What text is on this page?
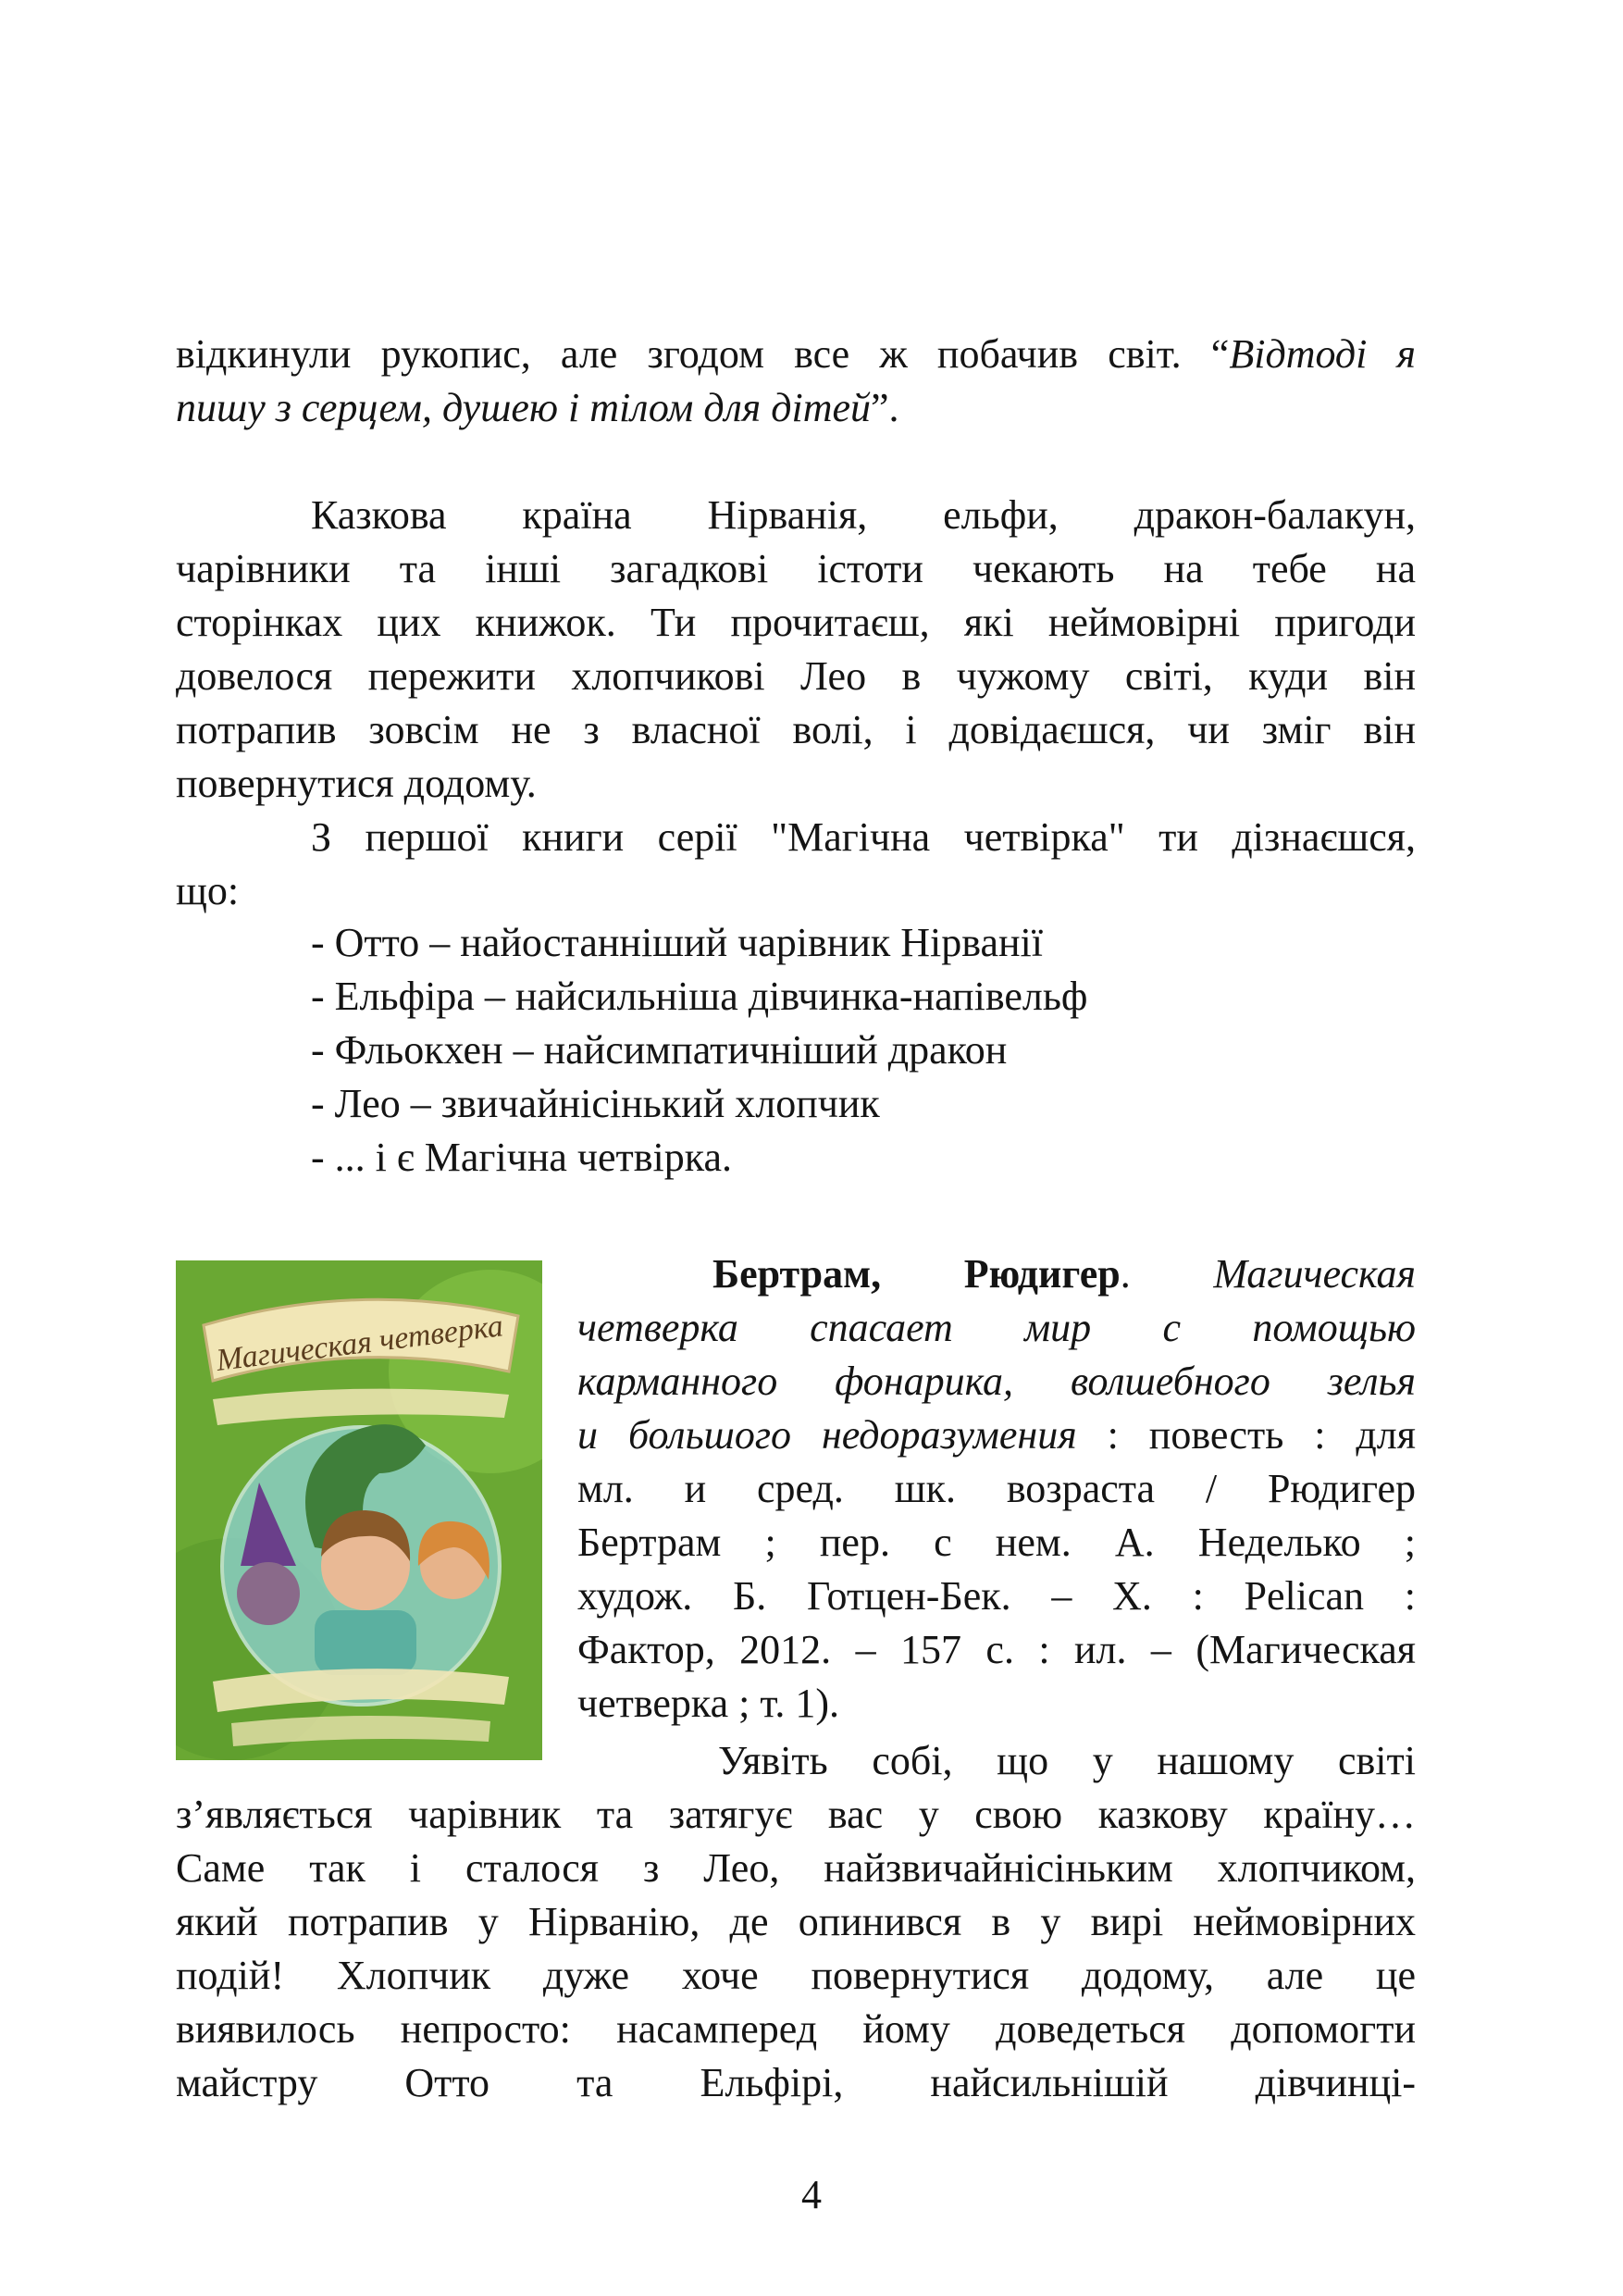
відкинули рукопис, але згодом все ж побачив світ. “Відтоді я

пишу з серцем, душею і тілом для дітей”.

Казкова країна Нірванія, ельфи, дракон-балакун,

чарівники та інші загадкові істоти чекають на тебе на

сторінках цих книжок. Ти прочитаєш, які неймовірні пригоди

довелося пережити хлопчикові Лео в чужому світі, куди він

потрапив зовсім не з власної волі, і довідаєшся, чи зміг він

повернутися додому.

З першої книги серії "Магічна четвірка" ти дізнаєшся,

що:

- Отто – найостанніший чарівник Нірванії
- Ельфіра – найсильніша дівчинка-напівельф
- Фльокхен – найсимпатичніший дракон
- Лео – звичайнісінький хлопчик
- ... і є Магічна четвірка.
Магическая четверка

Бертрам, Рюдигер. Магическая

четверка спасает мир с помощью

карманного фонарика, волшебного зелья

и большого недоразумения : повесть : для

мл. и сред. шк. возраста / Рюдигер

Бертрам ; пер. с нем. А. Неделько ;

худож. Б. Готцен-Бек. – Х. : Pelican :

Фактор, 2012. – 157 с. : ил. – (Магическая

четверка ; т. 1).

Уявіть собі, що у нашому світі

з’являється чарівник та затягує вас у свою казкову країну…

Саме так і сталося з Лео, найзвичайнісіньким хлопчиком,

який потрапив у Нірванію, де опинився в у вирі неймовірних

подій! Хлопчик дуже хоче повернутися додому, але це

виявилось непросто: насамперед йому доведеться допомогти

майстру Отто та Ельфірі, найсильнішій дівчинці-

4
